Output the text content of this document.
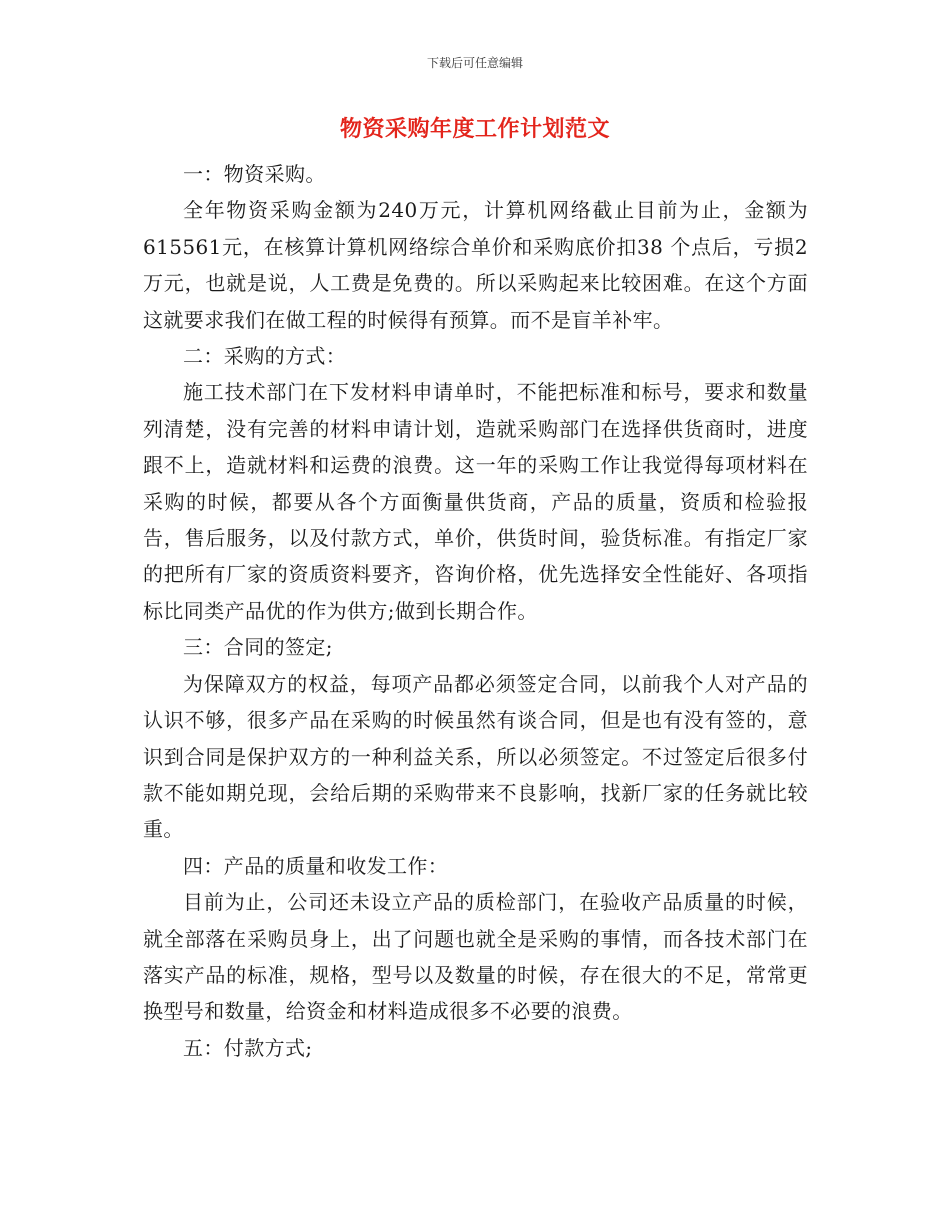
下载后可任意编辑
物资采购年度工作计划范文

一：物资采购。

全年物资采购金额为240万元，计算机网络截止目前为止，金额为615561元，在核算计算机网络综合单价和采购底价扣38 个点后，亏损2万元，也就是说，人工费是免费的。所以采购起来比较困难。在这个方面这就要求我们在做工程的时候得有预算。而不是盲羊补牢。

二：采购的方式：

施工技术部门在下发材料申请单时，不能把标准和标号，要求和数量列清楚，没有完善的材料申请计划，造就采购部门在选择供货商时，进度跟不上，造就材料和运费的浪费。这一年的采购工作让我觉得每项材料在采购的时候，都要从各个方面衡量供货商，产品的质量，资质和检验报告，售后服务，以及付款方式，单价，供货时间，验货标准。有指定厂家的把所有厂家的资质资料要齐，咨询价格，优先选择安全性能好、各项指标比同类产品优的作为供方;做到长期合作。

三：合同的签定;

为保障双方的权益，每项产品都必须签定合同，以前我个人对产品的认识不够，很多产品在采购的时候虽然有谈合同，但是也有没有签的，意识到合同是保护双方的一种利益关系，所以必须签定。不过签定后很多付款不能如期兑现，会给后期的采购带来不良影响，找新厂家的任务就比较重。

四：产品的质量和收发工作：

目前为止，公司还未设立产品的质检部门，在验收产品质量的时候，就全部落在采购员身上，出了问题也就全是采购的事情，而各技术部门在落实产品的标准，规格，型号以及数量的时候，存在很大的不足，常常更换型号和数量，给资金和材料造成很多不必要的浪费。

五：付款方式;
